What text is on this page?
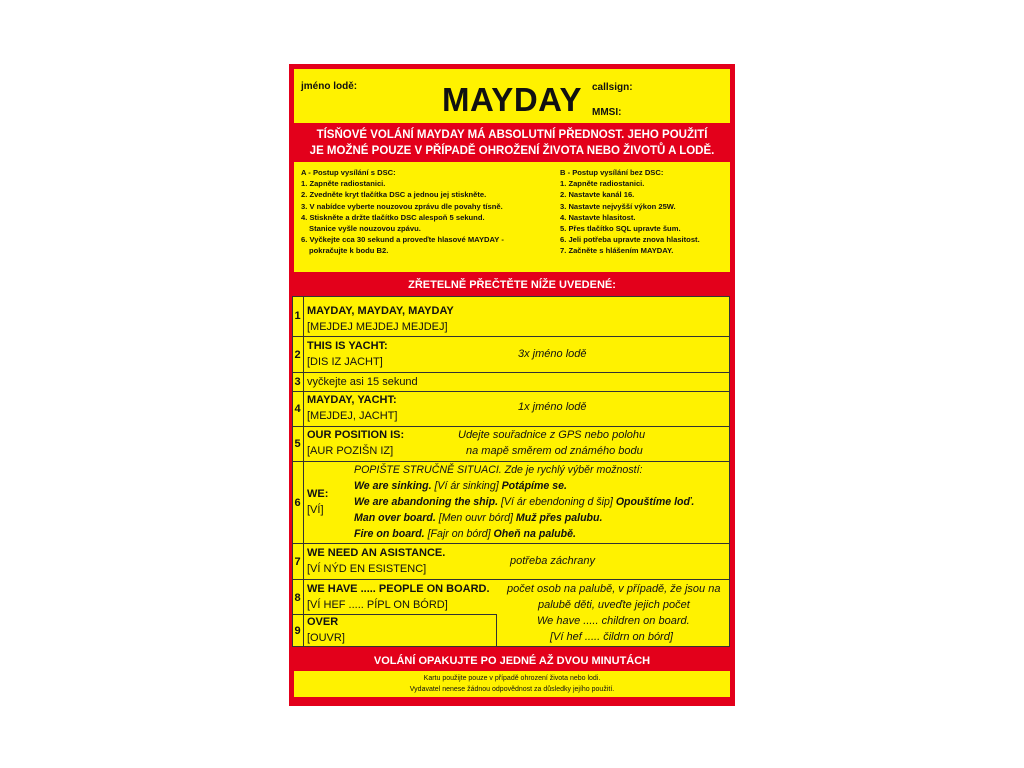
jméno lodě:	MAYDAY	callsign:
MMSI:
TÍSŇOVÉ VOLÁNÍ MAYDAY MÁ ABSOLUTNÍ PŘEDNOST. JEHO POUŽITÍ
JE MOŽNÉ POUZE V PŘÍPADĚ OHROŽENÍ ŽIVOTA NEBO ŽIVOTŮ A LODĚ.
A - Postup vysílání s DSC:
1. Zapněte radiostanici.
2. Zvedněte kryt tlačítka DSC a jednou jej stiskněte.
3. V nabídce vyberte nouzovou zprávu dle povahy tísně.
4. Stiskněte a držte tlačítko DSC alespoň 5 sekund.
Stanice vyšle nouzovou zpávu.
6. Vyčkejte cca 30 sekund a proveďte hlasové MAYDAY -
pokračujte k bodu B2.
B - Postup vysílání bez DSC:
1. Zapněte radiostanici.
2. Nastavte kanál 16.
3. Nastavte nejvyšší výkon 25W.
4. Nastavte hlasitost.
5. Přes tlačítko SQL upravte šum.
6. Jeli potřeba upravte znova hlasitost.
7. Začněte s hlášením MAYDAY.
ZŘETELNĚ PŘEČTĚTE NÍŽE UVEDENÉ:
1 MAYDAY, MAYDAY, MAYDAY
[MEJDEJ MEJDEJ MEJDEJ]
2
THIS IS YACHT:
[DIS IZ JACHT]
3x jméno lodě
3 vyčkejte asi 15 sekund
4
MAYDAY, YACHT:
[MEJDEJ, JACHT]
1x jméno lodě
5
OUR POSITION IS:
[AUR POZIŠN IZ]
Udejte souřadnice z GPS nebo polohu
na mapě směrem od známého bodu
6
WE:
[VÍ]
POPIŠTE STRUČNĚ SITUACI. Zde je rychlý výběr možností:
We are sinking. [Ví ár sinking] Potápíme se.
We are abandoning the ship. [Ví ár ebendoning d šip] Opouštíme loď.
Man over board. [Men ouvr bórd] Muž přes palubu.
Fire on board. [Fajr on bórd] Oheň na palubě.
7
WE NEED AN ASISTANCE.
[VÍ NÝD EN ESISTENC]
potřeba záchrany
8
WE HAVE ..... PEOPLE ON BOARD.
[VÍ HEF ..... PÍPL ON BÓRD]
počet osob na palubě, v případě, že jsou na
palubě děti, uveďte jejich počet
We have ..... children on board.
[Ví hef ..... čildrn on bórd]
9
OVER
[OUVR]
VOLÁNÍ OPAKUJTE PO JEDNÉ AŽ DVOU MINUTÁCH
Kartu použijte pouze v případě ohrození života nebo lodi.
Vydavatel nenese žádnou odpovědnost za důsledky jejího použití.
